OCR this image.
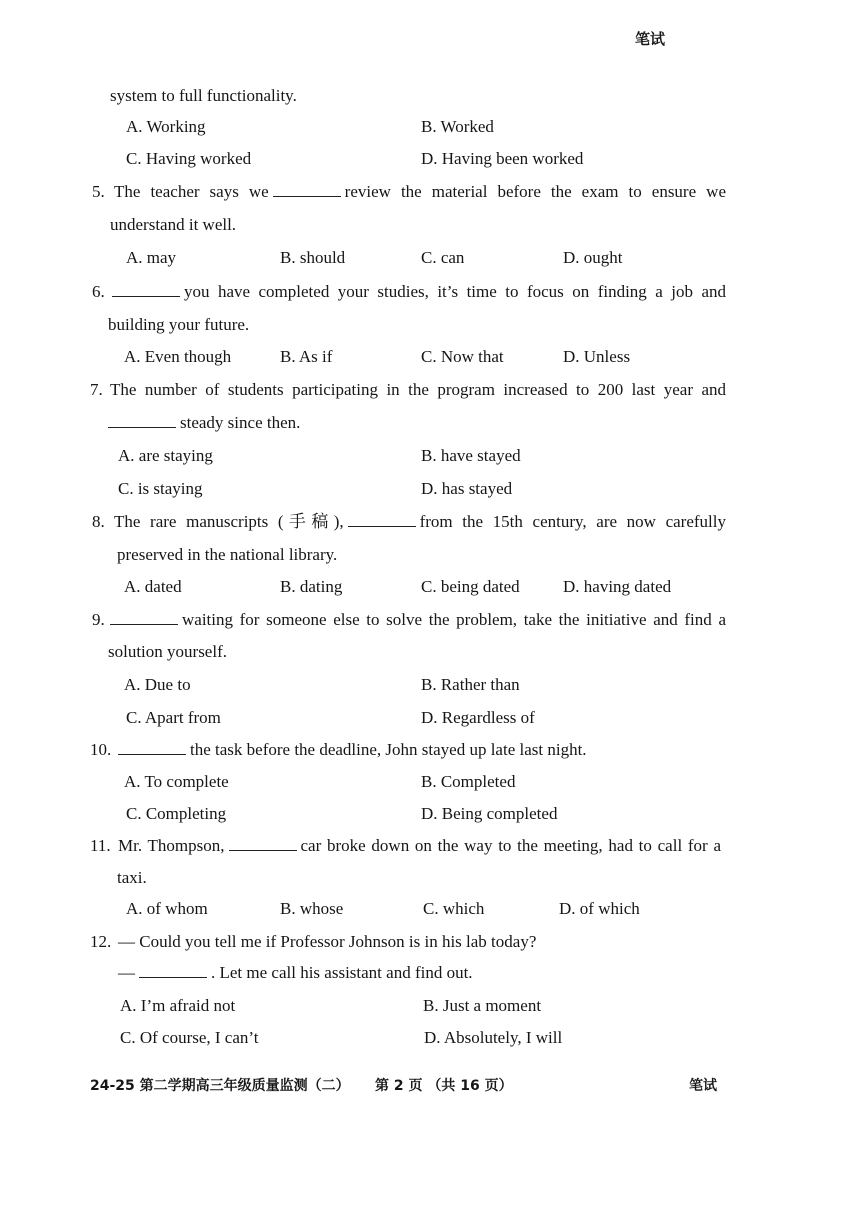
笔试
system to full functionality.
A. Working	B. Worked
C. Having worked	D. Having been worked
5. The teacher says we	review the material before the exam to ensure we
understand it well.
A. may	B. should	C. can	D. ought
6.	you have completed your studies, it’s time to focus on finding a job and
building your future.
A. Even though	B. As if	C. Now that	D. Unless
7. The number of students participating in the program increased to 200 last year and
steady since then.
A. are staying	B. have stayed
C. is staying	D. has stayed
8. The rare manuscripts (手稿),	from the 15th century, are now carefully
preserved in the national library.
A. dated	B. dating	C. being dated	D. having dated
9.	waiting for someone else to solve the problem, take the initiative and find a
solution yourself.
A. Due to	B. Rather than
C. Apart from	D. Regardless of
10.	the task before the deadline, John stayed up late last night.
A. To complete	B. Completed
C. Completing	D. Being completed
11. Mr. Thompson,	car broke down on the way to the meeting, had to call for a
taxi.
A. of whom	B. whose	C. which	D. of which
12. — Could you tell me if Professor Johnson is in his lab today?
—	. Let me call his assistant and find out.
A. I’m afraid not	B. Just a moment
C. Of course, I can’t	D. Absolutely, I will
24-25 第二学期高三年级质量监测（二） 第 2 页 （共 16 页）	笔试
